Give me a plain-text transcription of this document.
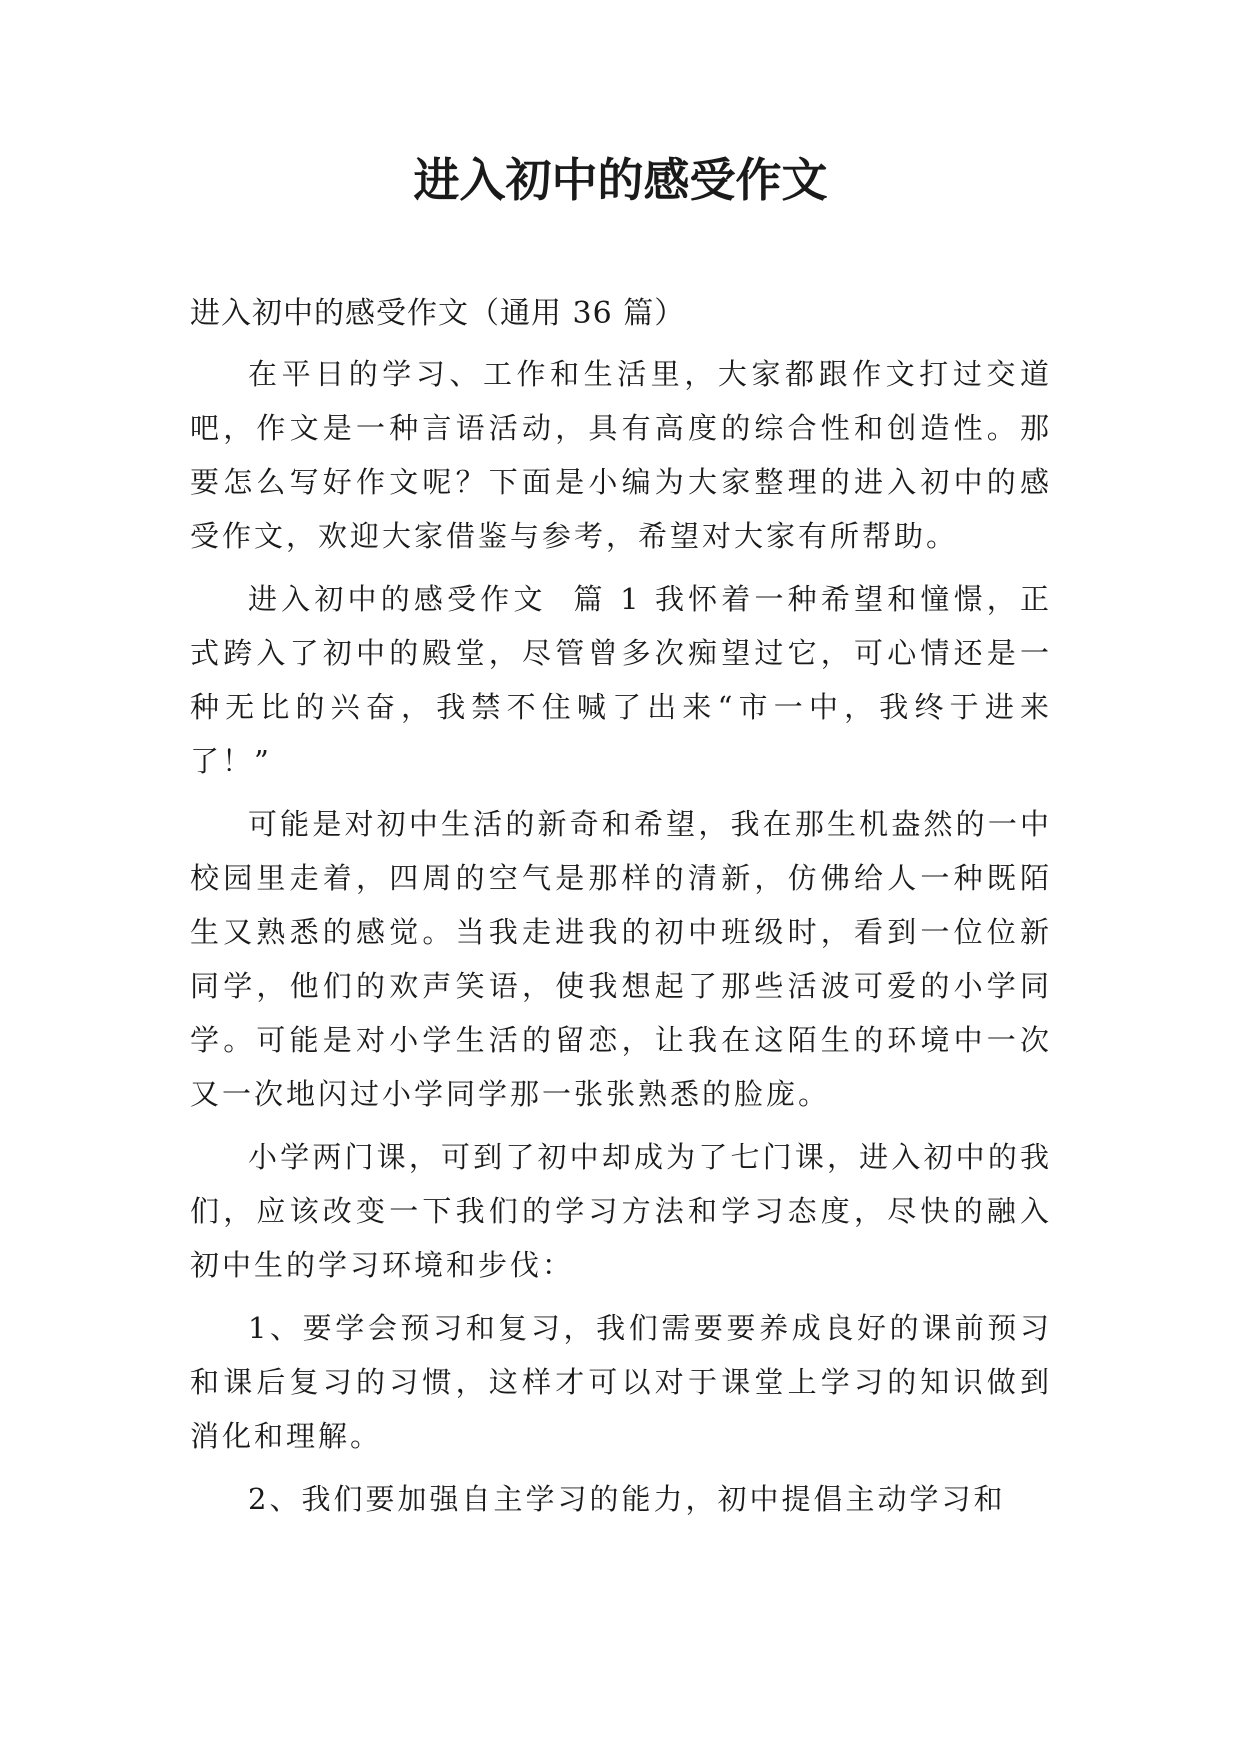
进入初中的感受作文
进入初中的感受作文（通用 36 篇）

在平日的学习、工作和生活里，大家都跟作文打过交道吧，作文是一种言语活动，具有高度的综合性和创造性。那要怎么写好作文呢？下面是小编为大家整理的进入初中的感受作文，欢迎大家借鉴与参考，希望对大家有所帮助。

进入初中的感受作文  篇 1 我怀着一种希望和憧憬，正式跨入了初中的殿堂，尽管曾多次痴望过它，可心情还是一种无比的兴奋，我禁不住喊了出来“市一中，我终于进来了！”

可能是对初中生活的新奇和希望，我在那生机盎然的一中校园里走着，四周的空气是那样的清新，仿佛给人一种既陌生又熟悉的感觉。当我走进我的初中班级时，看到一位位新同学，他们的欢声笑语，使我想起了那些活波可爱的小学同学。可能是对小学生活的留恋，让我在这陌生的环境中一次又一次地闪过小学同学那一张张熟悉的脸庞。

小学两门课，可到了初中却成为了七门课，进入初中的我们，应该改变一下我们的学习方法和学习态度，尽快的融入初中生的学习环境和步伐：

1、要学会预习和复习，我们需要要养成良好的课前预习和课后复习的习惯，这样才可以对于课堂上学习的知识做到消化和理解。

2、我们要加强自主学习的能力，初中提倡主动学习和
